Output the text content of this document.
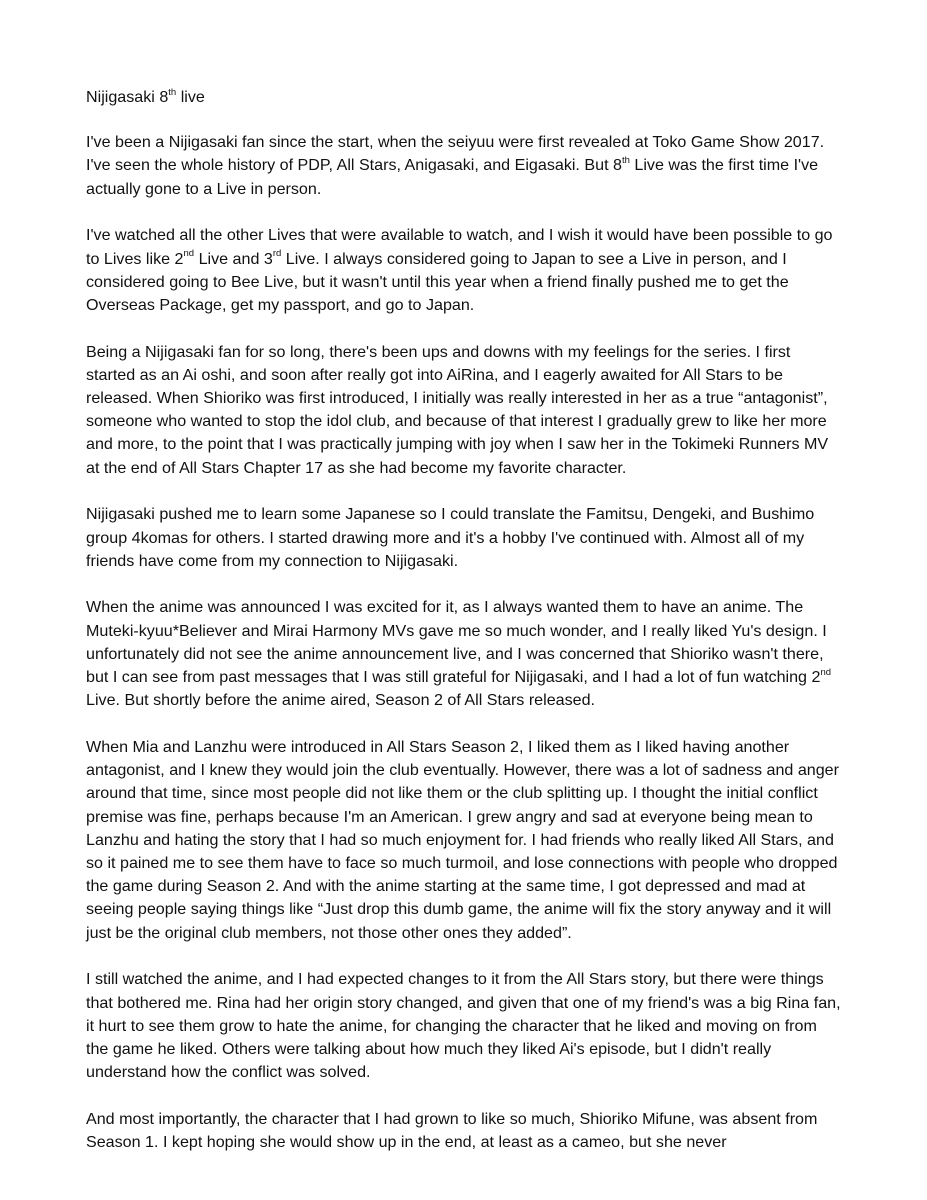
Nijigasaki 8th live

I've been a Nijigasaki fan since the start, when the seiyuu were first revealed at Toko Game Show 2017. I've seen the whole history of PDP, All Stars, Anigasaki, and Eigasaki. But 8th Live was the first time I've actually gone to a Live in person.

I've watched all the other Lives that were available to watch, and I wish it would have been possible to go to Lives like 2nd Live and 3rd Live. I always considered going to Japan to see a Live in person, and I considered going to Bee Live, but it wasn't until this year when a friend finally pushed me to get the Overseas Package, get my passport, and go to Japan.

Being a Nijigasaki fan for so long, there's been ups and downs with my feelings for the series. I first started as an Ai oshi, and soon after really got into AiRina, and I eagerly awaited for All Stars to be released. When Shioriko was first introduced, I initially was really interested in her as a true “antagonist”, someone who wanted to stop the idol club, and because of that interest I gradually grew to like her more and more, to the point that I was practically jumping with joy when I saw her in the Tokimeki Runners MV at the end of All Stars Chapter 17 as she had become my favorite character.

Nijigasaki pushed me to learn some Japanese so I could translate the Famitsu, Dengeki, and Bushimo group 4komas for others. I started drawing more and it's a hobby I've continued with. Almost all of my friends have come from my connection to Nijigasaki.

When the anime was announced I was excited for it, as I always wanted them to have an anime. The Muteki-kyuu*Believer and Mirai Harmony MVs gave me so much wonder, and I really liked Yu's design. I unfortunately did not see the anime announcement live, and I was concerned that Shioriko wasn't there, but I can see from past messages that I was still grateful for Nijigasaki, and I had a lot of fun watching 2nd Live. But shortly before the anime aired, Season 2 of All Stars released.

When Mia and Lanzhu were introduced in All Stars Season 2, I liked them as I liked having another antagonist, and I knew they would join the club eventually. However, there was a lot of sadness and anger around that time, since most people did not like them or the club splitting up. I thought the initial conflict premise was fine, perhaps because I'm an American. I grew angry and sad at everyone being mean to Lanzhu and hating the story that I had so much enjoyment for. I had friends who really liked All Stars, and so it pained me to see them have to face so much turmoil, and lose connections with people who dropped the game during Season 2. And with the anime starting at the same time, I got depressed and mad at seeing people saying things like “Just drop this dumb game, the anime will fix the story anyway and it will just be the original club members, not those other ones they added”.

I still watched the anime, and I had expected changes to it from the All Stars story, but there were things that bothered me. Rina had her origin story changed, and given that one of my friend's was a big Rina fan, it hurt to see them grow to hate the anime, for changing the character that he liked and moving on from the game he liked. Others were talking about how much they liked Ai's episode, but I didn't really understand how the conflict was solved.

And most importantly, the character that I had grown to like so much, Shioriko Mifune, was absent from Season 1. I kept hoping she would show up in the end, at least as a cameo, but she never
